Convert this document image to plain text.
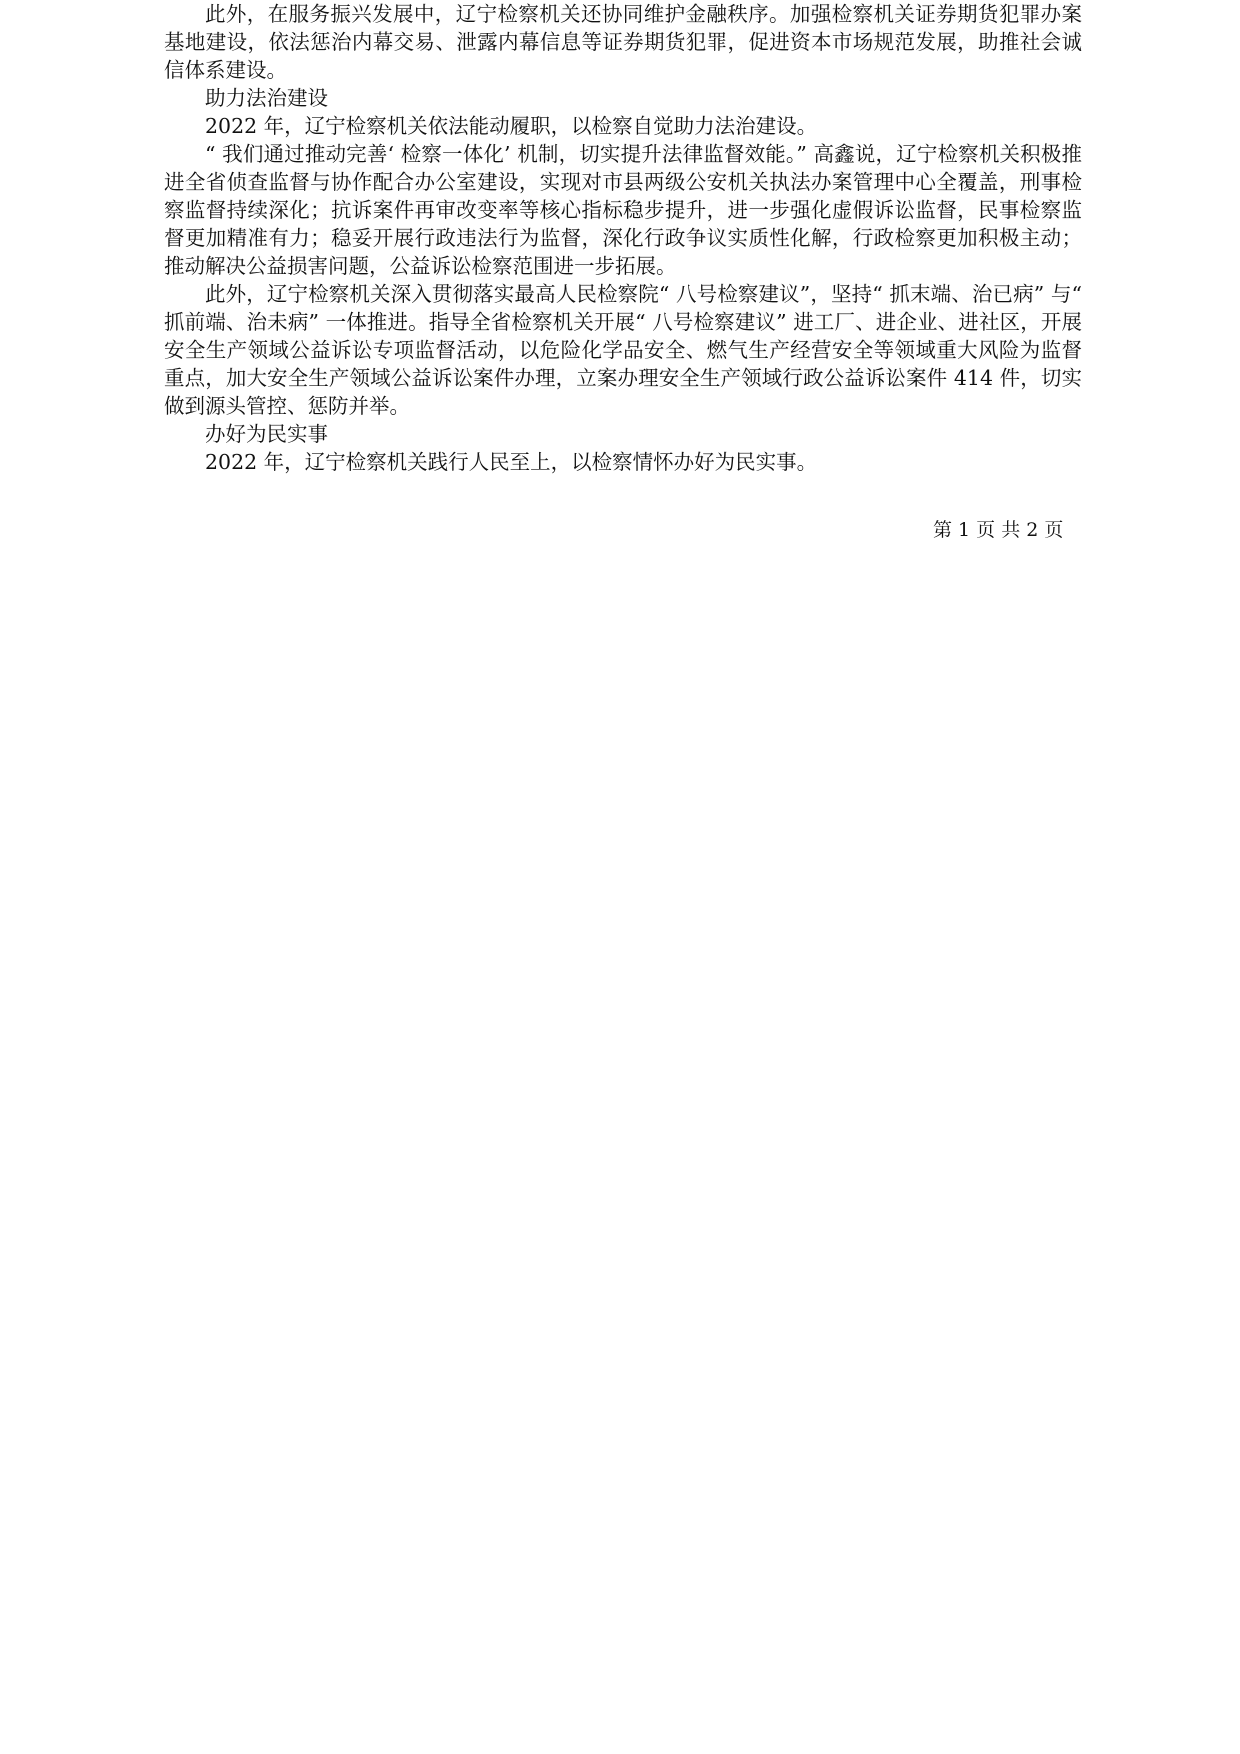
此外，在服务振兴发展中，辽宁检察机关还协同维护金融秩序。加强检察机关证券期货犯罪办案基地建设，依法惩治内幕交易、泄露内幕信息等证券期货犯罪，促进资本市场规范发展，助推社会诚信体系建设。

助力法治建设

2022 年，辽宁检察机关依法能动履职，以检察自觉助力法治建设。

“ 我们通过推动完善‘ 检察一体化’ 机制，切实提升法律监督效能。” 高鑫说，辽宁检察机关积极推进全省侦查监督与协作配合办公室建设，实现对市县两级公安机关执法办案管理中心全覆盖，刑事检察监督持续深化；抗诉案件再审改变率等核心指标稳步提升，进一步强化虚假诉讼监督，民事检察监督更加精准有力；稳妥开展行政违法行为监督，深化行政争议实质性化解，行政检察更加积极主动；推动解决公益损害问题，公益诉讼检察范围进一步拓展。

此外，辽宁检察机关深入贯彻落实最高人民检察院“ 八号检察建议”，坚持“ 抓末端、治已病” 与“ 抓前端、治未病” 一体推进。指导全省检察机关开展“ 八号检察建议” 进工厂、进企业、进社区，开展安全生产领域公益诉讼专项监督活动，以危险化学品安全、燃气生产经营安全等领域重大风险为监督重点，加大安全生产领域公益诉讼案件办理，立案办理安全生产领域行政公益诉讼案件 414 件，切实做到源头管控、惩防并举。

办好为民实事

2022 年，辽宁检察机关践行人民至上，以检察情怀办好为民实事。

第 1 页 共 2 页
